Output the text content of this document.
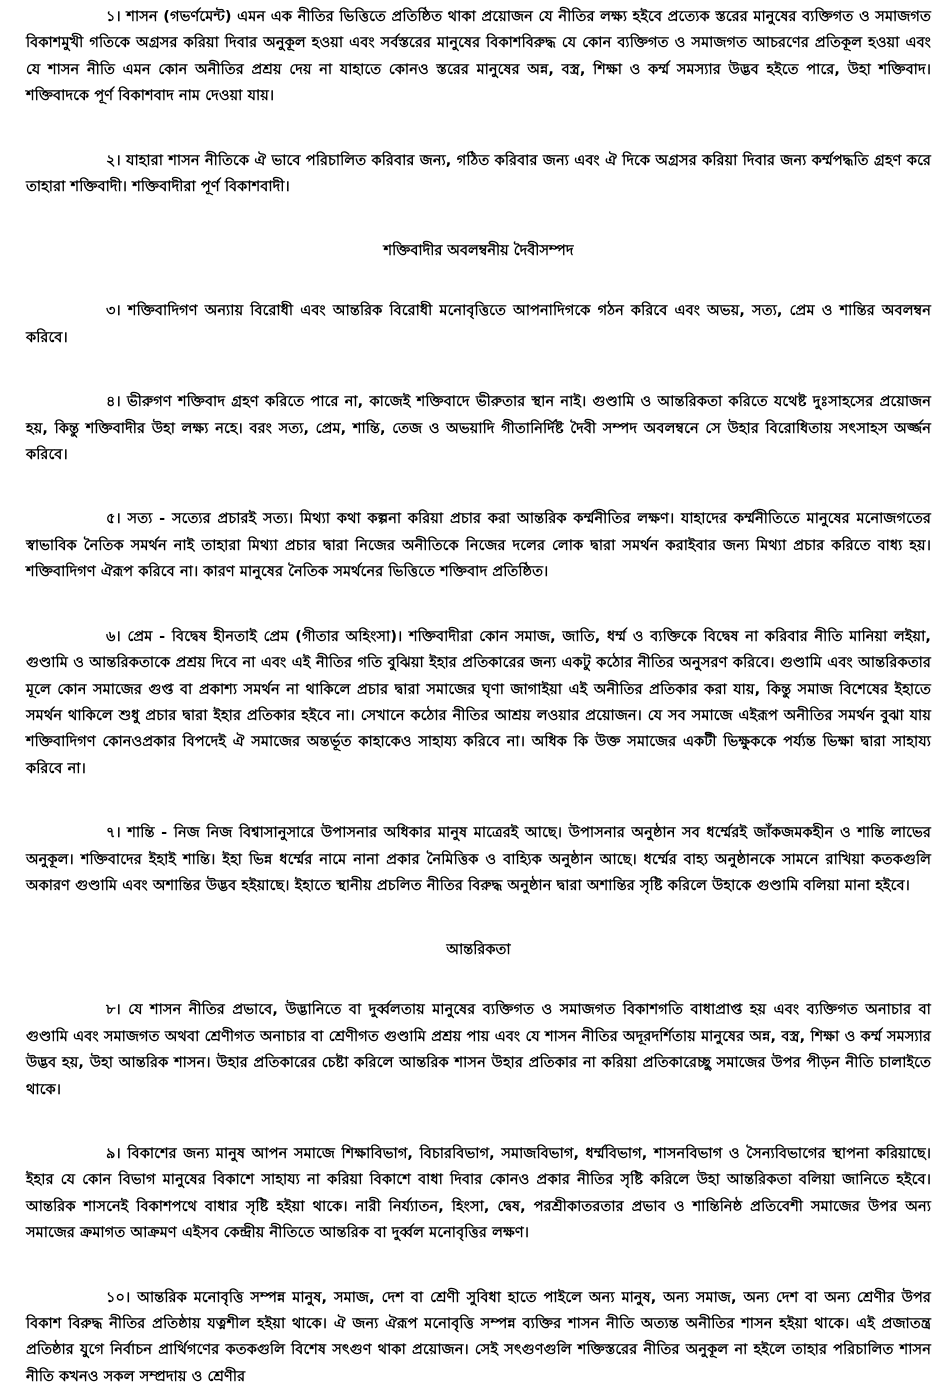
১। শাসন (গভর্ণমেন্ট) এমন এক নীতির ভিত্তিতে প্রতিষ্ঠিত থাকা প্রয়োজন যে নীতির লক্ষ্য হইবে প্রত্যেক স্তরের মানুষের ব্যক্তিগত ও সমাজগত বিকাশমুখী গতিকে অগ্রসর করিয়া দিবার অনুকূল হওয়া এবং সর্বস্তরের মানুষের বিকাশবিরুদ্ধ যে কোন ব্যক্তিগত ও সমাজগত আচরণের প্রতিকূল হওয়া এবং যে শাসন নীতি এমন কোন অনীতির প্রশ্রয় দেয় না যাহাতে কোনও স্তরের মানুষের অন্ন, বস্ত্র, শিক্ষা ও কর্ম্ম সমস্যার উদ্ভব হইতে পারে, উহা শক্তিবাদ। শক্তিবাদকে পূর্ণ বিকাশবাদ নাম দেওয়া যায়।

২। যাহারা শাসন নীতিকে ঐ ভাবে পরিচালিত করিবার জন্য, গঠিত করিবার জন্য এবং ঐ দিকে অগ্রসর করিয়া দিবার জন্য কর্ম্মপদ্ধতি গ্রহণ করে তাহারা শক্তিবাদী। শক্তিবাদীরা পূর্ণ বিকাশবাদী।

শক্তিবাদীর অবলম্বনীয় দৈবীসম্পদ

৩। শক্তিবাদিগণ অন্যায় বিরোধী এবং আন্তরিক বিরোধী মনোবৃত্তিতে আপনাদিগকে গঠন করিবে এবং অভয়, সত্য, প্রেম ও শান্তির অবলম্বন করিবে।

৪। ভীরুগণ শক্তিবাদ গ্রহণ করিতে পারে না, কাজেই শক্তিবাদে ভীরুতার স্থান নাই। গুণ্ডামি ও আন্তরিকতা করিতে যথেষ্ট দুঃসাহসের প্রয়োজন হয়, কিন্তু শক্তিবাদীর উহা লক্ষ্য নহে। বরং সত্য, প্রেম, শান্তি, তেজ ও অভয়াদি গীতানির্দিষ্ট দৈবী সম্পদ অবলম্বনে সে উহার বিরোধিতায় সৎসাহস অর্জ্জন করিবে।

৫। সত্য - সত্যের প্রচারই সত্য। মিথ্যা কথা কল্পনা করিয়া প্রচার করা আন্তরিক কর্ম্মনীতির লক্ষণ। যাহাদের কর্ম্মনীতিতে মানুষের মনোজগতের স্বাভাবিক নৈতিক সমর্থন নাই তাহারা মিথ্যা প্রচার দ্বারা নিজের অনীতিকে নিজের দলের লোক দ্বারা সমর্থন করাইবার জন্য মিথ্যা প্রচার করিতে বাধ্য হয়। শক্তিবাদিগণ ঐরূপ করিবে না। কারণ মানুষের নৈতিক সমর্থনের ভিত্তিতে শক্তিবাদ প্রতিষ্ঠিত।

৬। প্রেম - বিদ্বেষ হীনতাই প্রেম (গীতার অহিংসা)। শক্তিবাদীরা কোন সমাজ, জাতি, ধর্ম্ম ও ব্যক্তিকে বিদ্বেষ না করিবার নীতি মানিয়া লইয়া, গুণ্ডামি ও আন্তরিকতাকে প্রশ্রয় দিবে না এবং এই নীতির গতি বুঝিয়া ইহার প্রতিকারের জন্য একটু কঠোর নীতির অনুসরণ করিবে। গুণ্ডামি এবং আন্তরিকতার মূলে কোন সমাজের গুপ্ত বা প্রকাশ্য সমর্থন না থাকিলে প্রচার দ্বারা সমাজের ঘৃণা জাগাইয়া এই অনীতির প্রতিকার করা যায়, কিন্তু সমাজ বিশেষের ইহাতে সমর্থন থাকিলে শুধু প্রচার দ্বারা ইহার প্রতিকার হইবে না। সেখানে কঠোর নীতির আশ্রয় লওয়ার প্রয়োজন। যে সব সমাজে এইরূপ অনীতির সমর্থন বুঝা যায় শক্তিবাদিগণ কোনওপ্রকার বিপদেই ঐ সমাজের অন্তর্ভূত কাহাকেও সাহায্য করিবে না। অধিক কি উক্ত সমাজের একটী ভিক্ষুককে পর্য্যন্ত ভিক্ষা দ্বারা সাহায্য করিবে না।

৭। শান্তি - নিজ নিজ বিশ্বাসানুসারে উপাসনার অধিকার মানুষ মাত্রেরই আছে। উপাসনার অনুষ্ঠান সব ধর্ম্মেরই জাঁকজমকহীন ও শান্তি লাভের অনুকূল। শক্তিবাদের ইহাই শান্তি। ইহা ভিন্ন ধর্ম্মের নামে নানা প্রকার নৈমিত্তিক ও বাহ্যিক অনুষ্ঠান আছে। ধর্ম্মের বাহ্য অনুষ্ঠানকে সামনে রাখিয়া কতকগুলি অকারণ গুণ্ডামি এবং অশান্তির উদ্ভব হইয়াছে। ইহাতে স্থানীয় প্রচলিত নীতির বিরুদ্ধ অনুষ্ঠান দ্বারা অশান্তির সৃষ্টি করিলে উহাকে গুণ্ডামি বলিয়া মানা হইবে।

আন্তরিকতা

৮। যে শাসন নীতির প্রভাবে, উদ্ভানিতে বা দুর্ব্বলতায় মানুষের ব্যক্তিগত ও সমাজগত বিকাশগতি বাধাপ্রাপ্ত হয় এবং ব্যক্তিগত অনাচার বা গুণ্ডামি এবং সমাজগত অথবা শ্রেণীগত অনাচার বা শ্রেণীগত গুণ্ডামি প্রশ্রয় পায় এবং যে শাসন নীতির অদূরদর্শিতায় মানুষের অন্ন, বস্ত্র, শিক্ষা ও কর্ম্ম সমস্যার উদ্ভব হয়, উহা আন্তরিক শাসন। উহার প্রতিকারের চেষ্টা করিলে আন্তরিক শাসন উহার প্রতিকার না করিয়া প্রতিকারেচ্ছু সমাজের উপর পীড়ন নীতি চালাইতে থাকে।

৯। বিকাশের জন্য মানুষ আপন সমাজে শিক্ষাবিভাগ, বিচারবিভাগ, সমাজবিভাগ, ধর্ম্মবিভাগ, শাসনবিভাগ ও সৈন্যবিভাগের স্থাপনা করিয়াছে। ইহার যে কোন বিভাগ মানুষের বিকাশে সাহায্য না করিয়া বিকাশে বাধা দিবার কোনও প্রকার নীতির সৃষ্টি করিলে উহা আন্তরিকতা বলিয়া জানিতে হইবে। আন্তরিক শাসনেই বিকাশপথে বাধার সৃষ্টি হইয়া থাকে। নারী নির্য্যাতন, হিংসা, দ্বেষ, পরশ্রীকাতরতার প্রভাব ও শান্তিনিষ্ঠ প্রতিবেশী সমাজের উপর অন্য সমাজের ক্রমাগত আক্রমণ এইসব কেন্দ্রীয় নীতিতে আন্তরিক বা দুর্ব্বল মনোবৃত্তির লক্ষণ।

১০। আন্তরিক মনোবৃত্তি সম্পন্ন মানুষ, সমাজ, দেশ বা শ্রেণী সুবিধা হাতে পাইলে অন্য মানুষ, অন্য সমাজ, অন্য দেশ বা অন্য শ্রেণীর উপর বিকাশ বিরুদ্ধ নীতির প্রতিষ্ঠায় যত্নশীল হইয়া থাকে। ঐ জন্য ঐরূপ মনোবৃত্তি সম্পন্ন ব্যক্তির শাসন নীতি অত্যন্ত অনীতির শাসন হইয়া থাকে। এই প্রজাতন্ত্র প্রতিষ্ঠার যুগে নির্বাচন প্রার্থিগণের কতকগুলি বিশেষ সৎগুণ থাকা প্রয়োজন। সেই সৎগুণগুলি শক্তিস্তরের নীতির অনুকূল না হইলে তাহার পরিচালিত শাসন নীতি কখনও সকল সম্প্রদায় ও শ্রেণীর
